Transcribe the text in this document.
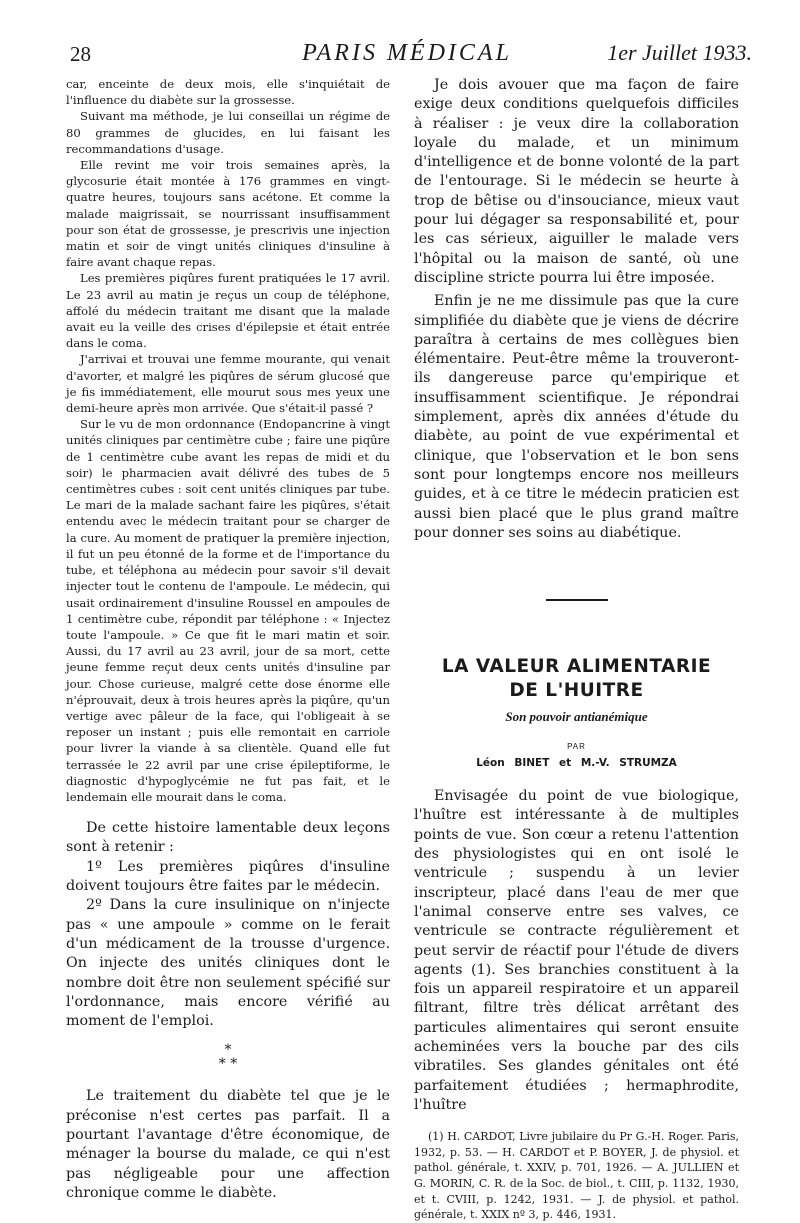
28	PARIS MÉDICAL	1er Juillet 1933.

car, enceinte de deux mois, elle s'inquiétait de l'influence du diabète sur la grossesse.

Suivant ma méthode, je lui conseillai un régime de 80 grammes de glucides, en lui faisant les recommandations d'usage.

Elle revint me voir trois semaines après, la glycosurie était montée à 176 grammes en vingt-quatre heures, toujours sans acétone. Et comme la malade maigrissait, se nourrissant insuffisamment pour son état de grossesse, je prescrivis une injection matin et soir de vingt unités cliniques d'insuline à faire avant chaque repas.

Les premières piqûres furent pratiquées le 17 avril. Le 23 avril au matin je reçus un coup de téléphone, affolé du médecin traitant me disant que la malade avait eu la veille des crises d'épilepsie et était entrée dans le coma.

J'arrivai et trouvai une femme mourante, qui venait d'avorter, et malgré les piqûres de sérum glucosé que je fis immédiatement, elle mourut sous mes yeux une demi-heure après mon arrivée. Que s'était-il passé ?

Sur le vu de mon ordonnance (Endopancrine à vingt unités cliniques par centimètre cube ; faire une piqûre de 1 centimètre cube avant les repas de midi et du soir) le pharmacien avait délivré des tubes de 5 centimètres cubes : soit cent unités cliniques par tube. Le mari de la malade sachant faire les piqûres, s'était entendu avec le médecin traitant pour se charger de la cure. Au moment de pratiquer la première injection, il fut un peu étonné de la forme et de l'importance du tube, et téléphona au médecin pour savoir s'il devait injecter tout le contenu de l'ampoule. Le médecin, qui usait ordinairement d'insuline Roussel en ampoules de 1 centimètre cube, répondit par téléphone : « Injectez toute l'ampoule. » Ce que fit le mari matin et soir. Aussi, du 17 avril au 23 avril, jour de sa mort, cette jeune femme reçut deux cents unités d'insuline par jour. Chose curieuse, malgré cette dose énorme elle n'éprouvait, deux à trois heures après la piqûre, qu'un vertige avec pâleur de la face, qui l'obligeait à se reposer un instant ; puis elle remontait en carriole pour livrer la viande à sa clientèle. Quand elle fut terrassée le 22 avril par une crise épileptiforme, le diagnostic d'hypoglycémie ne fut pas fait, et le lendemain elle mourait dans le coma.

De cette histoire lamentable deux leçons sont à retenir :

1º Les premières piqûres d'insuline doivent toujours être faites par le médecin.

2º Dans la cure insulinique on n'injecte pas « une ampoule » comme on le ferait d'un médicament de la trousse d'urgence. On injecte des unités cliniques dont le nombre doit être non seulement spécifié sur l'ordonnance, mais encore vérifié au moment de l'emploi.

*
* *

Le traitement du diabète tel que je le préconise n'est certes pas parfait. Il a pourtant l'avantage d'être économique, de ménager la bourse du malade, ce qui n'est pas négligeable pour une affection chronique comme le diabète.

Je dois avouer que ma façon de faire exige deux conditions quelquefois difficiles à réaliser : je veux dire la collaboration loyale du malade, et un minimum d'intelligence et de bonne volonté de la part de l'entourage. Si le médecin se heurte à trop de bêtise ou d'insouciance, mieux vaut pour lui dégager sa responsabilité et, pour les cas sérieux, aiguiller le malade vers l'hôpital ou la maison de santé, où une discipline stricte pourra lui être imposée.

Enfin je ne me dissimule pas que la cure simplifiée du diabète que je viens de décrire paraîtra à certains de mes collègues bien élémentaire. Peut-être même la trouveront-ils dangereuse parce qu'empirique et insuffisamment scientifique. Je répondrai simplement, après dix années d'étude du diabète, au point de vue expérimental et clinique, que l'observation et le bon sens sont pour longtemps encore nos meilleurs guides, et à ce titre le médecin praticien est aussi bien placé que le plus grand maître pour donner ses soins au diabétique.

LA VALEUR ALIMENTARIE
DE L'HUITRE
Son pouvoir antianémique
PAR
Léon BINET et M.-V. STRUMZA

Envisagée du point de vue biologique, l'huître est intéressante à de multiples points de vue. Son cœur a retenu l'attention des physiologistes qui en ont isolé le ventricule ; suspendu à un levier inscripteur, placé dans l'eau de mer que l'animal conserve entre ses valves, ce ventricule se contracte régulièrement et peut servir de réactif pour l'étude de divers agents (1). Ses branchies constituent à la fois un appareil respiratoire et un appareil filtrant, filtre très délicat arrêtant des particules alimentaires qui seront ensuite acheminées vers la bouche par des cils vibratiles. Ses glandes génitales ont été parfaitement étudiées ; hermaphrodite, l'huître

(1) H. CARDOT, Livre jubilaire du Pr G.-H. Roger. Paris, 1932, p. 53. — H. CARDOT et P. BOYER, J. de physiol. et pathol. générale, t. XXIV, p. 701, 1926. — A. JULLIEN et G. MORIN, C. R. de la Soc. de biol., t. CIII, p. 1132, 1930, et t. CVIII, p. 1242, 1931. — J. de physiol. et pathol. générale, t. XXIX nº 3, p. 446, 1931.
